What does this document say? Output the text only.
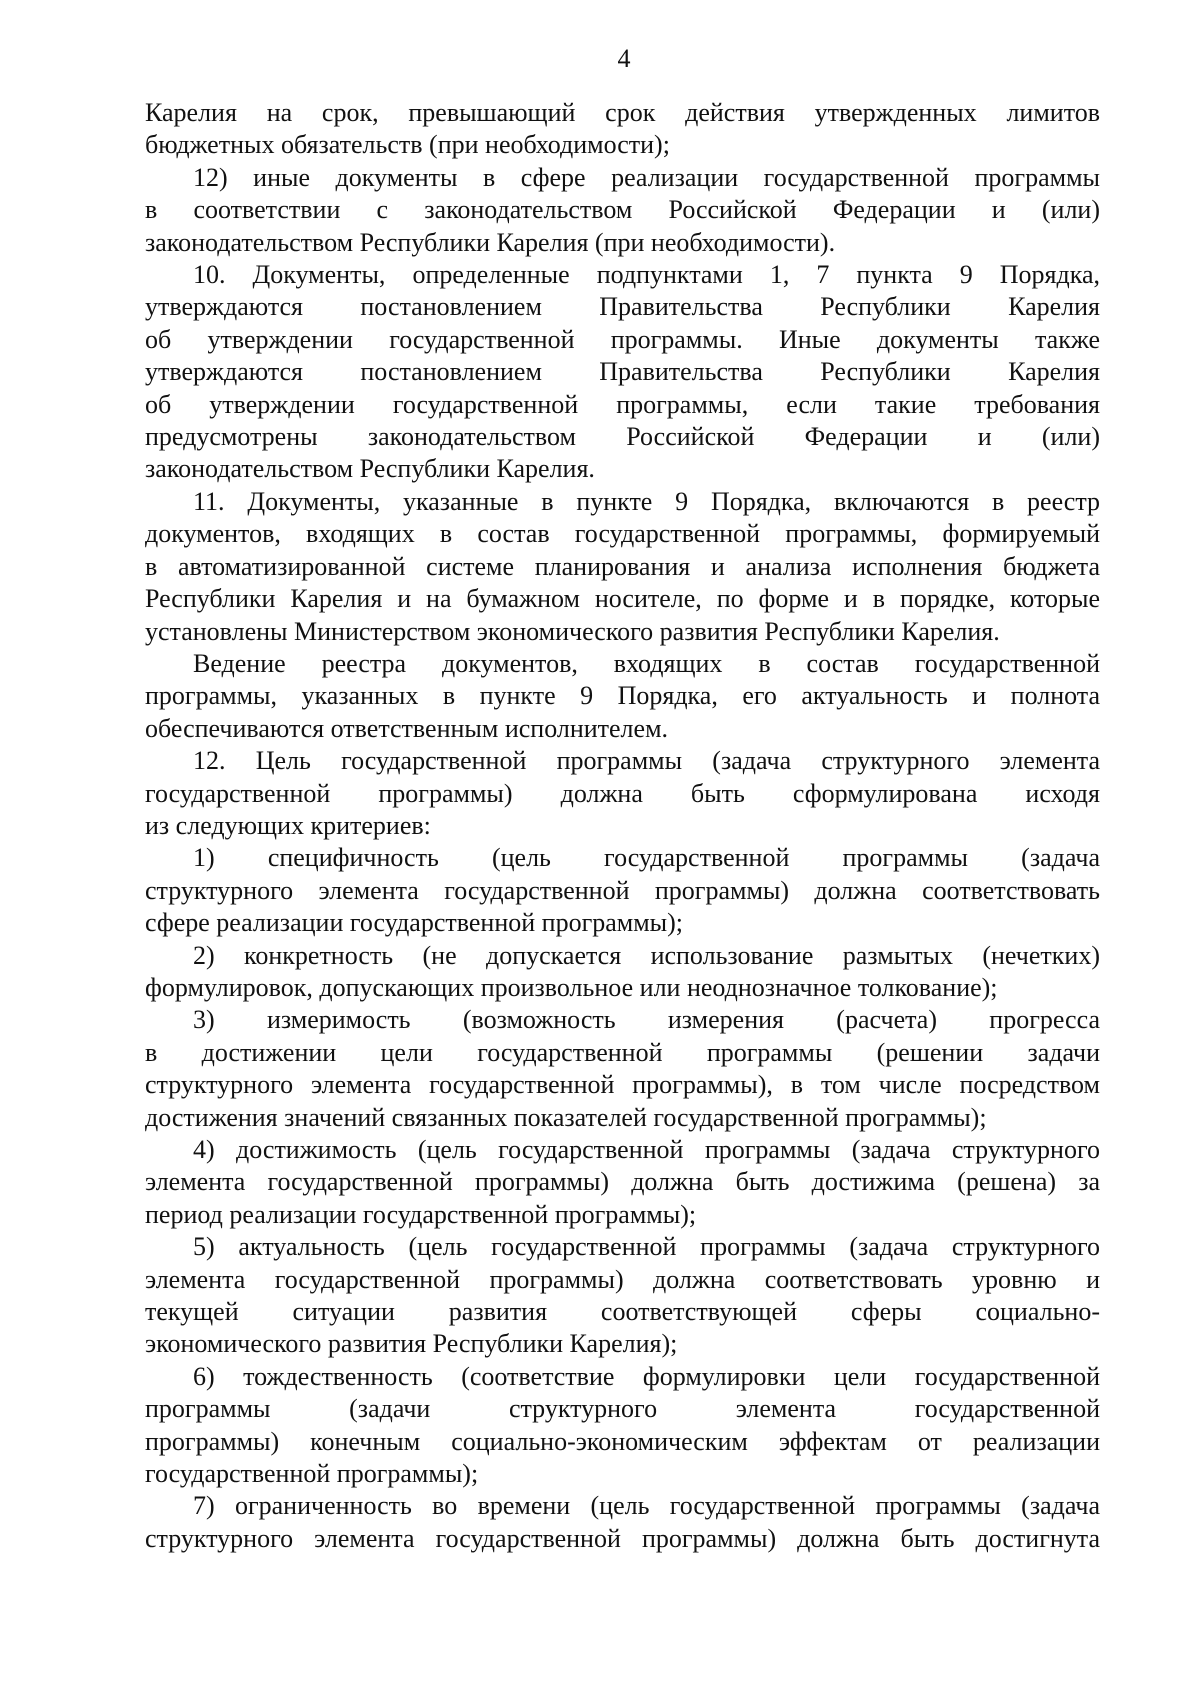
4
Карелия на срок, превышающий срок действия утвержденных лимитов
бюджетных обязательств (при необходимости);
12) иные документы в сфере реализации государственной программы
в соответствии с законодательством Российской Федерации и (или)
законодательством Республики Карелия (при необходимости).
10. Документы, определенные подпунктами 1, 7 пункта 9 Порядка,
утверждаются постановлением Правительства Республики Карелия
об утверждении государственной программы. Иные документы также
утверждаются постановлением Правительства Республики Карелия
об утверждении государственной программы, если такие требования
предусмотрены законодательством Российской Федерации и (или)
законодательством Республики Карелия.
11. Документы, указанные в пункте 9 Порядка, включаются в реестр
документов, входящих в состав государственной программы, формируемый
в автоматизированной системе планирования и анализа исполнения бюджета
Республики Карелия и на бумажном носителе, по форме и в порядке, которые
установлены Министерством экономического развития Республики Карелия.
Ведение реестра документов, входящих в состав государственной
программы, указанных в пункте 9 Порядка, его актуальность и полнота
обеспечиваются ответственным исполнителем.
12. Цель государственной программы (задача структурного элемента
государственной программы) должна быть сформулирована исходя
из следующих критериев:
1) специфичность (цель государственной программы (задача
структурного элемента государственной программы) должна соответствовать
сфере реализации государственной программы);
2) конкретность (не допускается использование размытых (нечетких)
формулировок, допускающих произвольное или неоднозначное толкование);
3) измеримость (возможность измерения (расчета) прогресса
в достижении цели государственной программы (решении задачи
структурного элемента государственной программы), в том числе посредством
достижения значений связанных показателей государственной программы);
4) достижимость (цель государственной программы (задача структурного
элемента государственной программы) должна быть достижима (решена) за
период реализации государственной программы);
5) актуальность (цель государственной программы (задача структурного
элемента государственной программы) должна соответствовать уровню и
текущей ситуации развития соответствующей сферы социально-
экономического развития Республики Карелия);
6) тождественность (соответствие формулировки цели государственной
программы (задачи структурного элемента государственной
программы) конечным социально-экономическим эффектам от реализации
государственной программы);
7) ограниченность во времени (цель государственной программы (задача
структурного элемента государственной программы) должна быть достигнута
